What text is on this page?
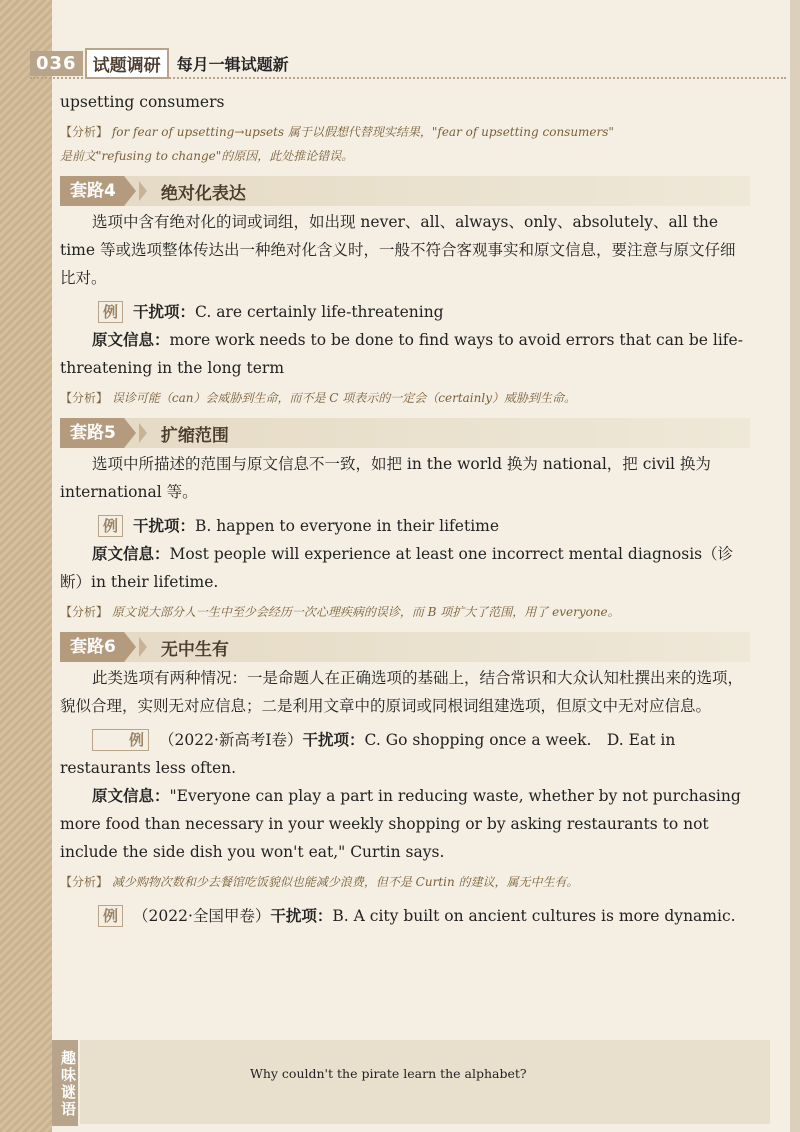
036 试题调研	每月一辑试题新

upsetting consumers

【分析】 for fear of upsetting→upsets 属于以假想代替现实结果，"fear of upsetting consumers"
是前文"refusing to change"的原因，此处推论错误。

套路4	绝对化表达

选项中含有绝对化的词或词组，如出现 never、all、always、only、absolutely、all the time 等或选项整体传达出一种绝对化含义时，一般不符合客观事实和原文信息，要注意与原文仔细比对。

例 干扰项： C. are certainly life-threatening

原文信息：more work needs to be done to find ways to avoid errors that can be life-threatening in the long term

【分析】 误诊可能（can）会威胁到生命，而不是 C 项表示的一定会（certainly）威胁到生命。

套路5	扩缩范围

选项中所描述的范围与原文信息不一致，如把 in the world 换为 national，把 civil 换为 international 等。

例 干扰项： B. happen to everyone in their lifetime

原文信息：Most people will experience at least one incorrect mental diagnosis（诊断）in their lifetime.

【分析】 原文说大部分人一生中至少会经历一次心理疾病的误诊，而 B 项扩大了范围，用了 everyone。

套路6	无中生有

此类选项有两种情况：一是命题人在正确选项的基础上，结合常识和大众认知杜撰出来的选项，貌似合理，实则无对应信息；二是利用文章中的原词或同根词组建选项，但原文中无对应信息。

例 （2022·新高考Ⅰ卷）干扰项：C. Go shopping once a week.　D. Eat in restaurants less often.

原文信息："Everyone can play a part in reducing waste, whether by not purchasing more food than necessary in your weekly shopping or by asking restaurants to not include the side dish you won't eat," Curtin says.

【分析】 减少购物次数和少去餐馆吃饭貌似也能减少浪费，但不是 Curtin 的建议，属无中生有。

例 （2022·全国甲卷） 干扰项： B. A city built on ancient cultures is more dynamic.
趣味谜语	Why couldn't the pirate learn the alphabet?
